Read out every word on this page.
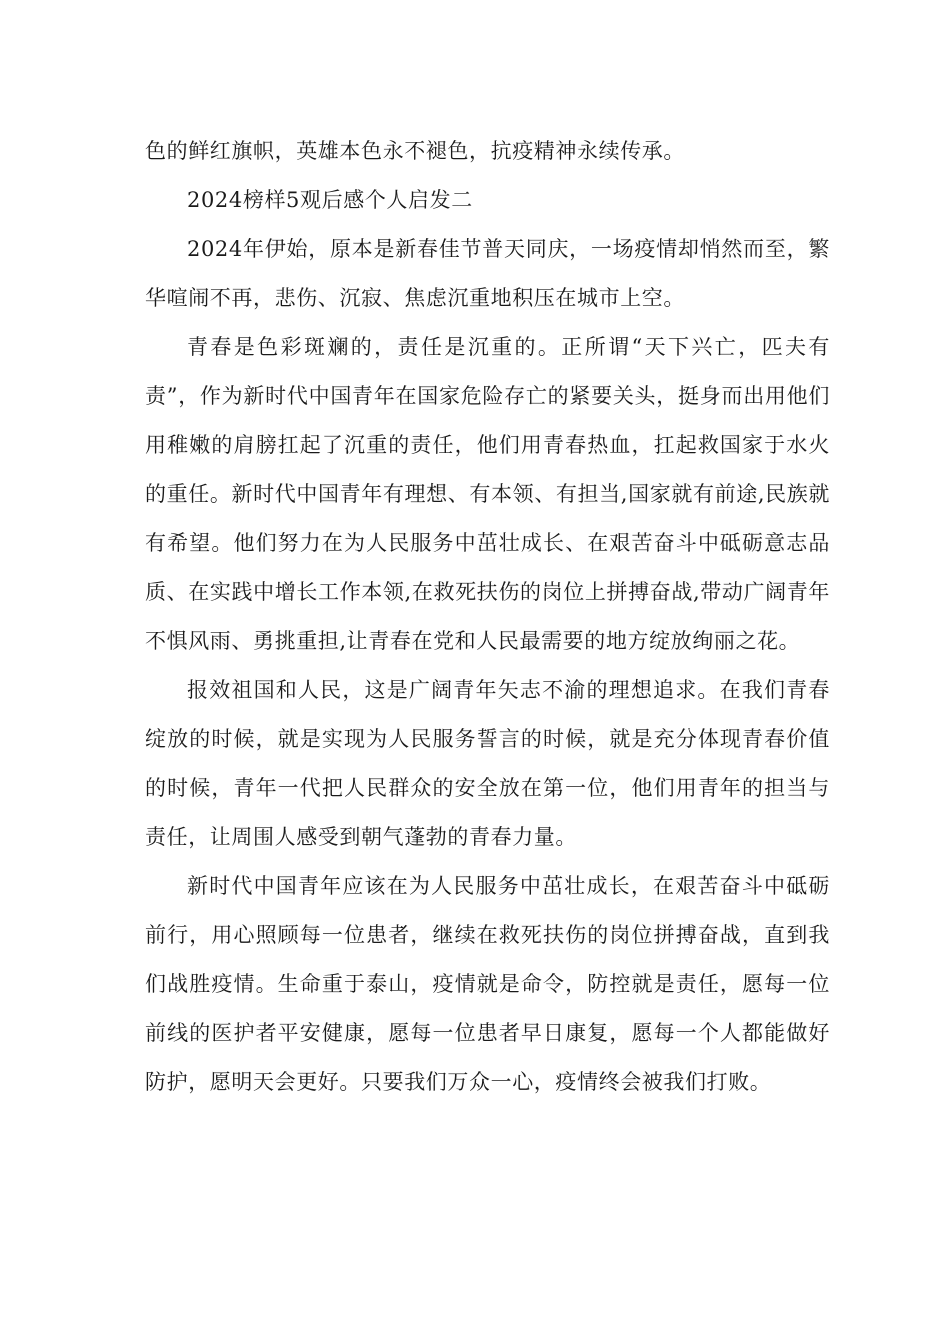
色的鲜红旗帜，英雄本色永不褪色，抗疫精神永续传承。

2024榜样5观后感个人启发二

2024年伊始，原本是新春佳节普天同庆，一场疫情却悄然而至，繁华喧闹不再，悲伤、沉寂、焦虑沉重地积压在城市上空。

青春是色彩斑斓的，责任是沉重的。正所谓“天下兴亡，匹夫有责”，作为新时代中国青年在国家危险存亡的紧要关头，挺身而出用他们用稚嫩的肩膀扛起了沉重的责任，他们用青春热血，扛起救国家于水火的重任。新时代中国青年有理想、有本领、有担当,国家就有前途,民族就有希望。他们努力在为人民服务中茁壮成长、在艰苦奋斗中砥砺意志品质、在实践中增长工作本领,在救死扶伤的岗位上拼搏奋战,带动广阔青年不惧风雨、勇挑重担,让青春在党和人民最需要的地方绽放绚丽之花。

报效祖国和人民，这是广阔青年矢志不渝的理想追求。在我们青春绽放的时候，就是实现为人民服务誓言的时候，就是充分体现青春价值的时候，青年一代把人民群众的安全放在第一位，他们用青年的担当与责任，让周围人感受到朝气蓬勃的青春力量。

新时代中国青年应该在为人民服务中茁壮成长，在艰苦奋斗中砥砺前行，用心照顾每一位患者，继续在救死扶伤的岗位拼搏奋战，直到我们战胜疫情。生命重于泰山，疫情就是命令，防控就是责任，愿每一位前线的医护者平安健康，愿每一位患者早日康复，愿每一个人都能做好防护，愿明天会更好。只要我们万众一心，疫情终会被我们打败。
